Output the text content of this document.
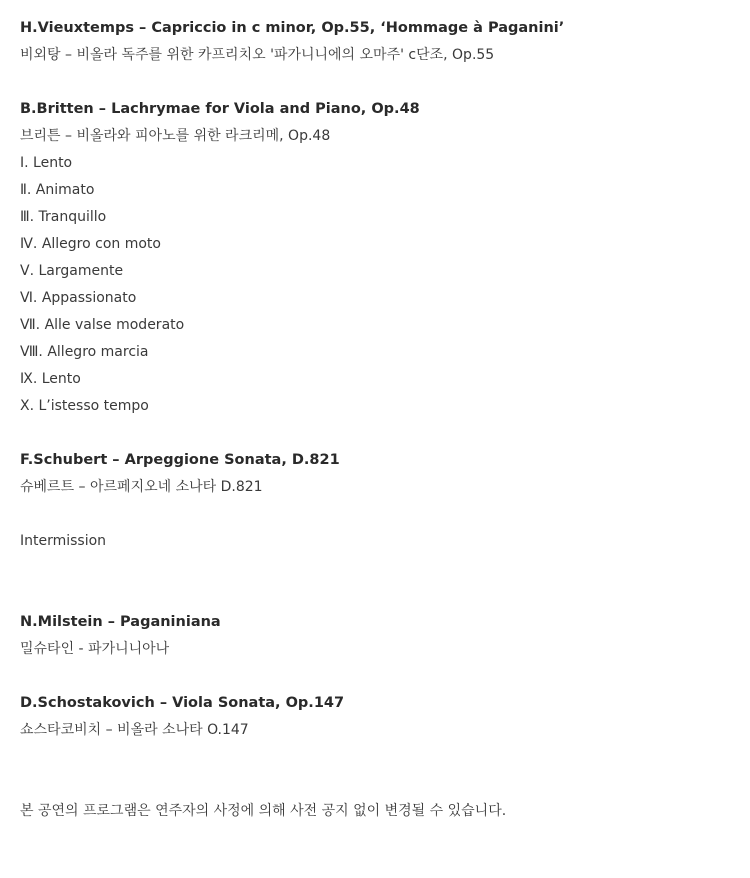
H.Vieuxtemps – Capriccio in c minor, Op.55, ‘Hommage à Paganini’
비외탕 – 비올라 독주를 위한 카프리치오 '파가니니에의 오마주' c단조, Op.55
B.Britten – Lachrymae for Viola and Piano, Op.48
브리튼 – 비올라와 피아노를 위한 라크리메, Op.48
Ⅰ. Lento
Ⅱ. Animato
Ⅲ. Tranquillo
Ⅳ. Allegro con moto
Ⅴ. Largamente
Ⅵ. Appassionato
Ⅶ. Alle valse moderato
Ⅷ. Allegro marcia
Ⅸ. Lento
Ⅹ. L’istesso tempo
F.Schubert – Arpeggione Sonata, D.821
슈베르트 – 아르페지오네 소나타 D.821
Intermission
N.Milstein – Paganiniana
밀슈타인 - 파가니니아나
D.Schostakovich – Viola Sonata, Op.147
쇼스타코비치 – 비올라 소나타 O.147
본 공연의 프로그램은 연주자의 사정에 의해 사전 공지 없이 변경될 수 있습니다.
